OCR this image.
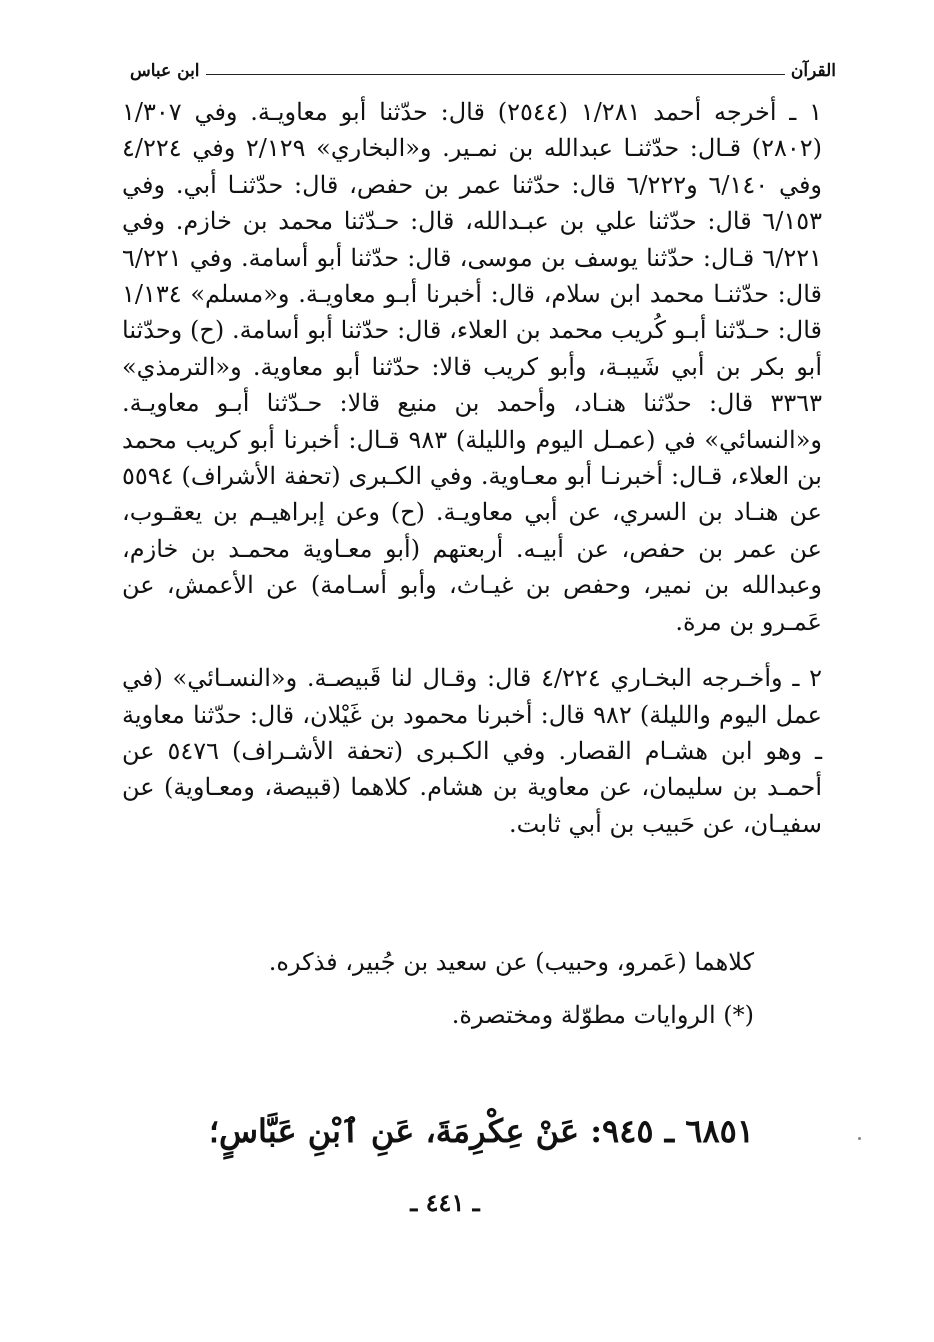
القرآن
ابن عباس

١ ـ أخرجه أحمد ١/٢٨١ (٢٥٤٤) قال: حدّثنا أبو معاويـة. وفي ١/٣٠٧ (٢٨٠٢) قـال: حدّثنـا عبدالله بن نمـير. و«البخاري» ٢/١٢٩ وفي ٤/٢٢٤ وفي ٦/١٤٠ و٦/٢٢٢ قال: حدّثنا عمر بن حفص، قال: حدّثنـا أبي. وفي ٦/١٥٣ قال: حدّثنا علي بن عبـدالله، قال: حـدّثنا محمد بن خازم. وفي ٦/٢٢١ قـال: حدّثنا يوسف بن موسى، قال: حدّثنا أبو أسامة. وفي ٦/٢٢١ قال: حدّثنـا محمد ابن سلام، قال: أخبرنا أبـو معاويـة. و«مسلم» ١/١٣٤ قال: حـدّثنا أبـو كُريب محمد بن العلاء، قال: حدّثنا أبو أسامة. (ح) وحدّثنا أبو بكر بن أبي شَيبـة، وأبو كريب قالا: حدّثنا أبو معاوية. و«الترمذي» ٣٣٦٣ قال: حدّثنا هنـاد، وأحمد بن منيع قالا: حـدّثنا أبـو معاويـة. و«النسائي» في (عمـل اليوم والليلة) ٩٨٣ قـال: أخبرنا أبو كريب محمد بن العلاء، قـال: أخبرنـا أبو معـاوية. وفي الكـبرى (تحفة الأشراف) ٥٥٩٤ عن هنـاد بن السري، عن أبي معاويـة. (ح) وعن إبراهيـم بن يعقـوب، عن عمر بن حفص، عن أبيـه. أربعتهم (أبو معـاوية محمـد بن خازم، وعبدالله بن نمير، وحفص بن غيـاث، وأبو أسـامة) عن الأعمش، عن عَمـرو بن مرة.

٢ ـ وأخـرجه البخـاري ٤/٢٢٤ قال: وقـال لنا قَبيصـة. و«النسـائي» (في عمل اليوم والليلة) ٩٨٢ قال: أخبرنا محمود بن غَيْلان، قال: حدّثنا معاوية ـ وهو ابن هشـام القصار. وفي الكـبرى (تحفة الأشـراف) ٥٤٧٦ عن أحمـد بن سليمان، عن معاوية بن هشام. كلاهما (قبيصة، ومعـاوية) عن سفيـان، عن حَبيب بن أبي ثابت.

كلاهما (عَمرو، وحبيب) عن سعيد بن جُبير، فذكره.

(*) الروايات مطوّلة ومختصرة.

٦٨٥١ ـ ٩٤٥: عَنْ عِكْرِمَةَ، عَنِ ٱبْنِ عَبَّاسٍ؛
ـ ٤٤١ ـ
